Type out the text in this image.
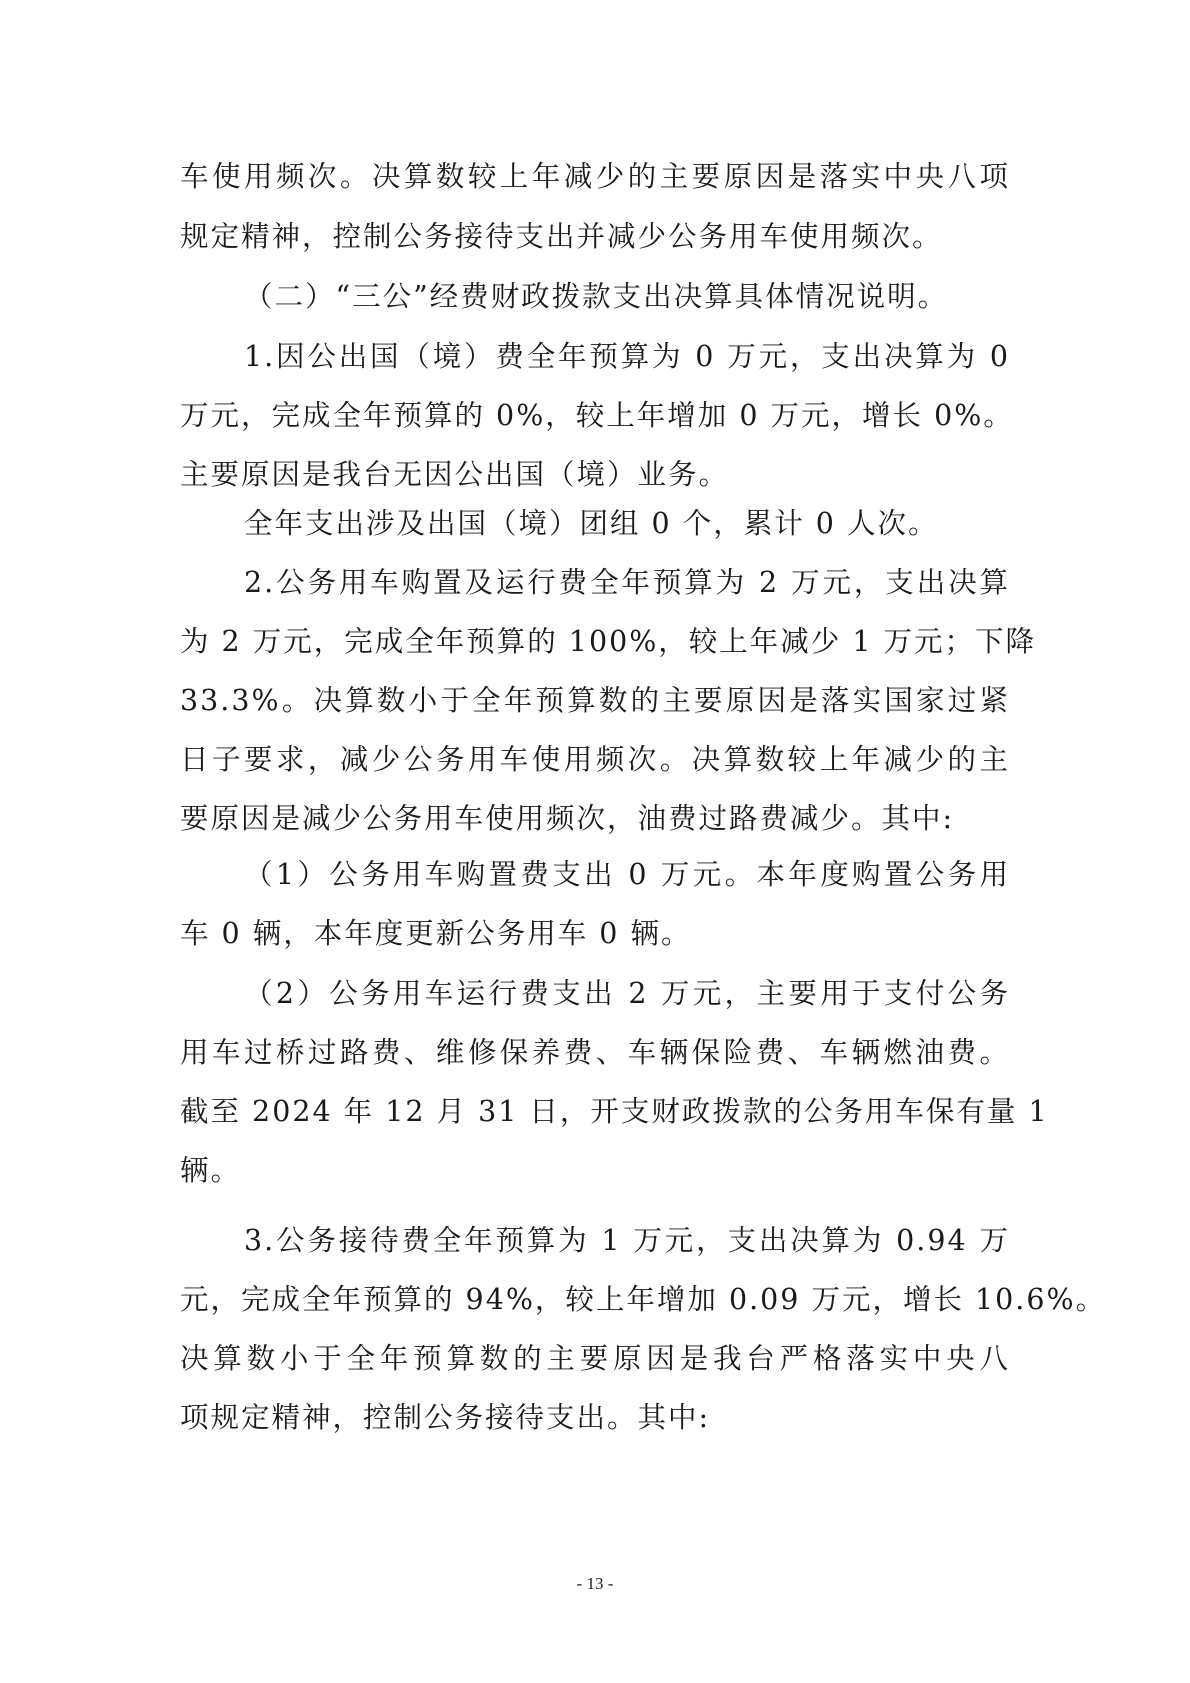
车使用频次。决算数较上年减少的主要原因是落实中央八项
规定精神，控制公务接待支出并减少公务用车使用频次。
（二）“三公”经费财政拨款支出决算具体情况说明。
1.因公出国（境）费全年预算为 0 万元，支出决算为 0
万元，完成全年预算的 0%，较上年增加 0 万元，增长 0%。
主要原因是我台无因公出国（境）业务。
全年支出涉及出国（境）团组 0 个，累计 0 人次。
2.公务用车购置及运行费全年预算为 2 万元，支出决算
为 2 万元，完成全年预算的 100%，较上年减少 1 万元；下降
33.3%。决算数小于全年预算数的主要原因是落实国家过紧
日子要求，减少公务用车使用频次。决算数较上年减少的主
要原因是减少公务用车使用频次，油费过路费减少。其中:
（1）公务用车购置费支出 0 万元。本年度购置公务用
车 0 辆，本年度更新公务用车 0 辆。
（2）公务用车运行费支出 2 万元，主要用于支付公务
用车过桥过路费、维修保养费、车辆保险费、车辆燃油费。
截至 2024 年 12 月 31 日，开支财政拨款的公务用车保有量 1
辆。
3.公务接待费全年预算为 1 万元，支出决算为 0.94 万
元，完成全年预算的 94%，较上年增加 0.09 万元，增长 10.6%。
决算数小于全年预算数的主要原因是我台严格落实中央八
项规定精神，控制公务接待支出。其中:
- 13 -
